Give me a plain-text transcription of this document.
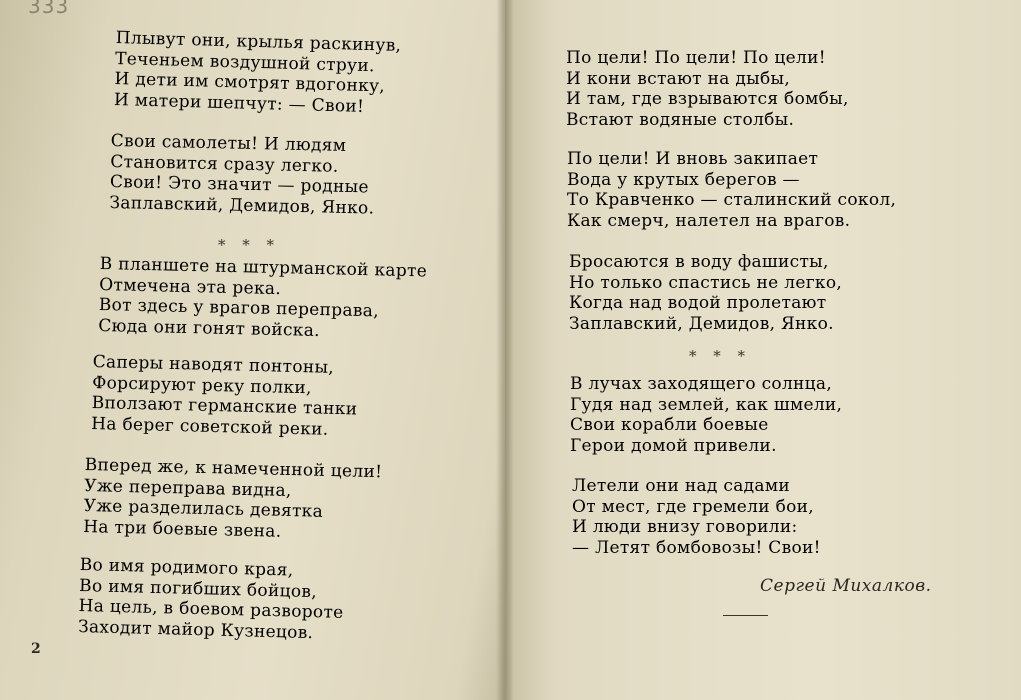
333
Плывут они, крылья раскинув,
Теченьем воздушной струи.
И дети им смотрят вдогонку,
И матери шепчут: — Свои!
Свои самолеты! И людям
Становится сразу легко.
Свои! Это значит — родные
Заплавский, Демидов, Янко.
* * *
В планшете на штурманской карте
Отмечена эта река.
Вот здесь у врагов переправа,
Сюда они гонят войска.
Саперы наводят понтоны,
Форсируют реку полки,
Вползают германские танки
На берег советской реки.
Вперед же, к намеченной цели!
Уже переправа видна,
Уже разделилась девятка
На три боевые звена.
Во имя родимого края,
Во имя погибших бойцов,
На цель, в боевом развороте
Заходит майор Кузнецов.
2
По цели! По цели! По цели!
И кони встают на дыбы,
И там, где взрываются бомбы,
Встают водяные столбы.
По цели! И вновь закипает
Вода у крутых берегов —
То Кравченко — сталинский сокол,
Как смерч, налетел на врагов.
Бросаются в воду фашисты,
Но только спастись не легко,
Когда над водой пролетают
Заплавский, Демидов, Янко.
* * *
В лучах заходящего солнца,
Гудя над землей, как шмели,
Свои корабли боевые
Герои домой привели.
Летели они над садами
От мест, где гремели бои,
И люди внизу говорили:
— Летят бомбовозы! Свои!
Сергей Михалков.
